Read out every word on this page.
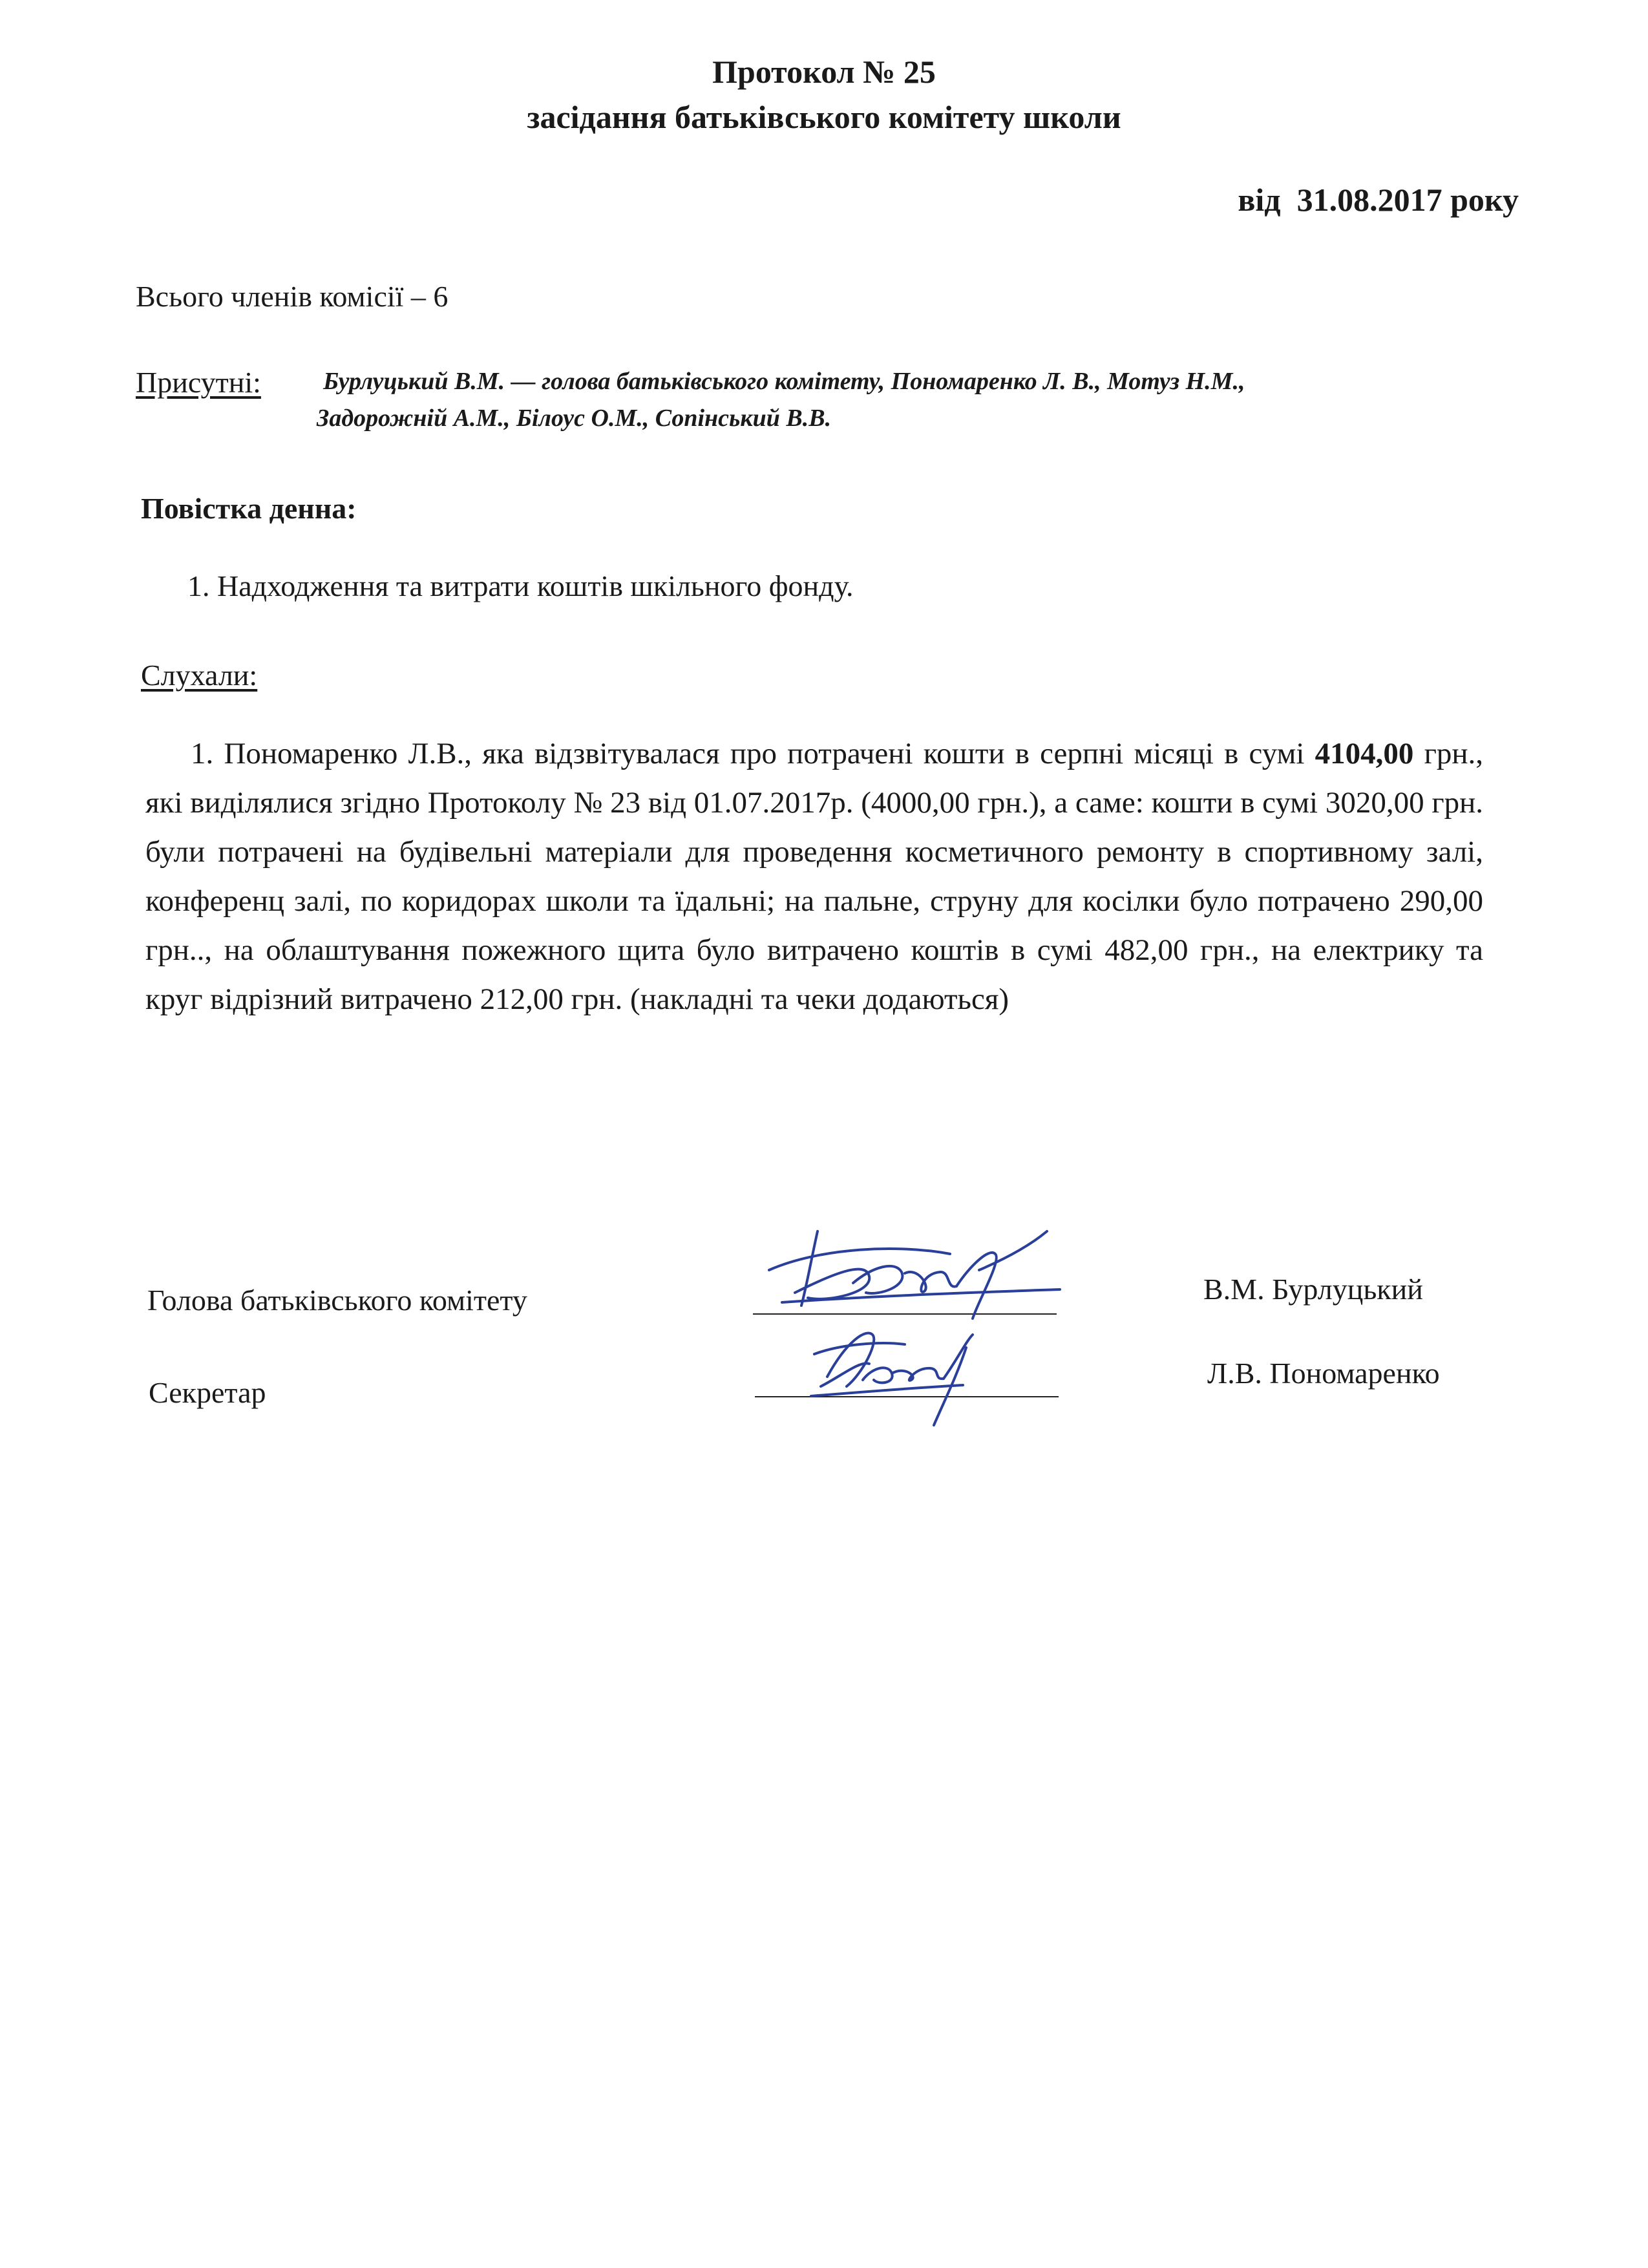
Протокол № 25
засідання батьківського комітету школи
від 31.08.2017 року
Всього членів комісії – 6
Присутні:	Бурлуцький В.М. — голова батьківського комітету, Пономаренко Л. В., Мотуз Н.М.,
Задорожній А.М., Білоус О.М., Сопінський В.В.
Повістка денна:
1. Надходження та витрати коштів шкільного фонду.
Слухали:
1. Пономаренко Л.В., яка відзвітувалася про потрачені кошти в серпні місяці в сумі 4104,00 грн., які виділялися згідно Протоколу № 23 від 01.07.2017р. (4000,00 грн.), а саме: кошти в сумі 3020,00 грн. були потрачені на будівельні матеріали для проведення косметичного ремонту в спортивному залі, конференц залі, по коридорах школи та їдальні; на пальне, струну для косілки було потрачено 290,00 грн.., на облаштування пожежного щита було витрачено коштів в сумі 482,00 грн., на електрику та круг відрізний витрачено 212,00 грн. (накладні та чеки додаються)
Голова батьківського комітету	В.М. Бурлуцький
Секретар
Л.В. Пономаренко
